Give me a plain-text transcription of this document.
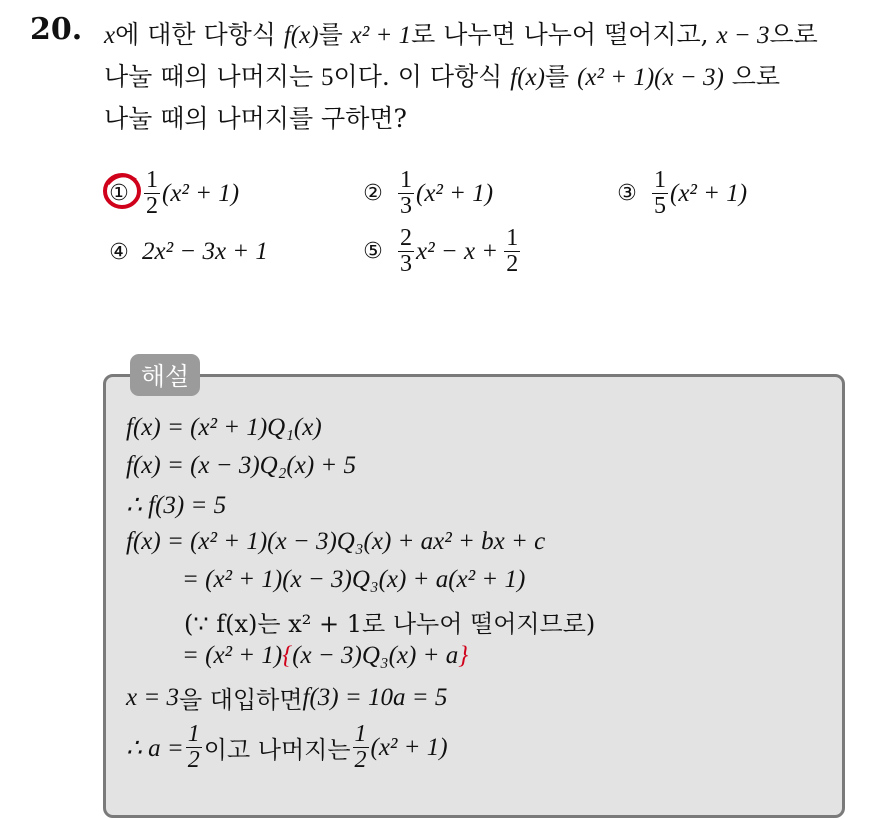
20. x에 대한 다항식 f(x)를 x² + 1로 나누면 나누어 떨어지고, x − 3으로
나눌 때의 나머지는 5이다. 이 다항식 f(x)를 (x² + 1)(x − 3) 으로
나눌 때의 나머지를 구하면?
① $\frac{1}{2} (x^2 + 1)$	② $\frac{1}{3} (x^2 + 1)$	③ $\frac{1}{5} (x^2 + 1)$
④ 2x² − 3x + 1	⑤ $\frac{2}{3} x^2 - x + \frac{1}{2}$
해설
f(x) = (x² + 1)Q₁(x)
f(x) = (x − 3)Q₂(x) + 5
∴ f(3) = 5
f(x) = (x² + 1)(x − 3)Q₃(x) + ax² + bx + c
= (x² + 1)(x − 3)Q₃(x) + a(x² + 1)
(∵ f(x)는 x² + 1로 나누어 떨어지므로)
= (x² + 1) { (x − 3)Q₃(x) + a }
x = 3 을 대입하면 f(3) = 10a = 5
∴ $a = \frac{1}{2}$ 이고 나머지는 $\frac{1}{2} (x^2 + 1)$
